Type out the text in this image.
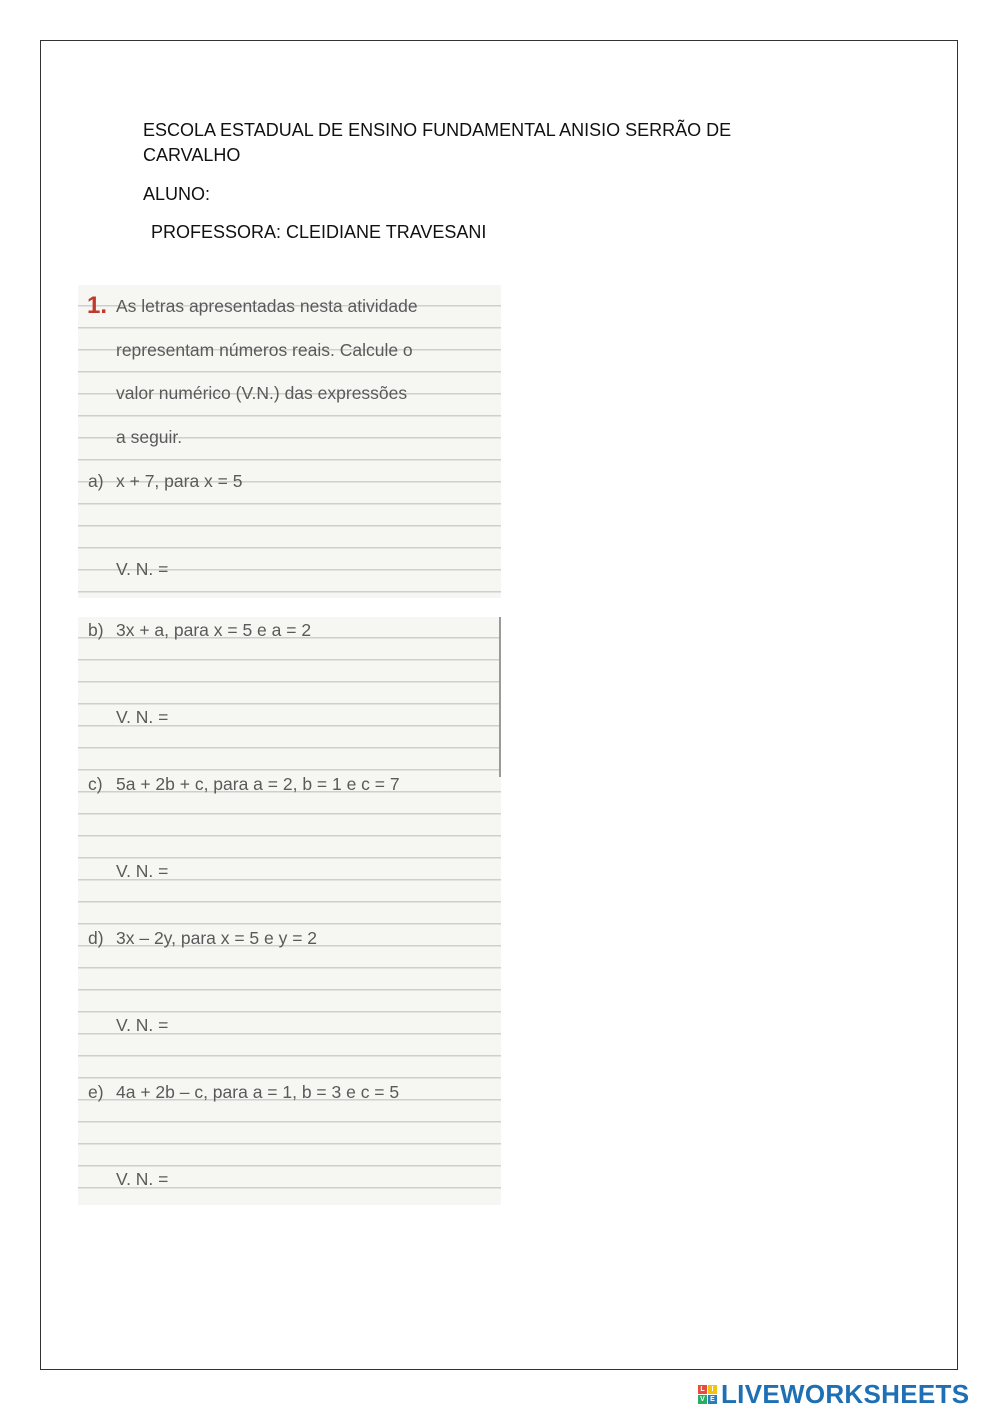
ESCOLA ESTADUAL DE ENSINO FUNDAMENTAL ANISIO SERRÃO DE
CARVALHO
ALUNO:
PROFESSORA: CLEIDIANE TRAVESANI
1. As letras apresentadas nesta atividade
representam números reais. Calcule o
valor numérico (V.N.) das expressões
a seguir.
a) x + 7, para x = 5
V. N. =
b) 3x + a, para x = 5 e a = 2
V. N. =
c) 5a + 2b + c, para a = 2, b = 1 e c = 7
V. N. =
d) 3x – 2y, para x = 5 e y = 2
V. N. =
e) 4a + 2b – c, para a = 1, b = 3 e c = 5
V. N. =
L I
V E LIVEWORKSHEETS
